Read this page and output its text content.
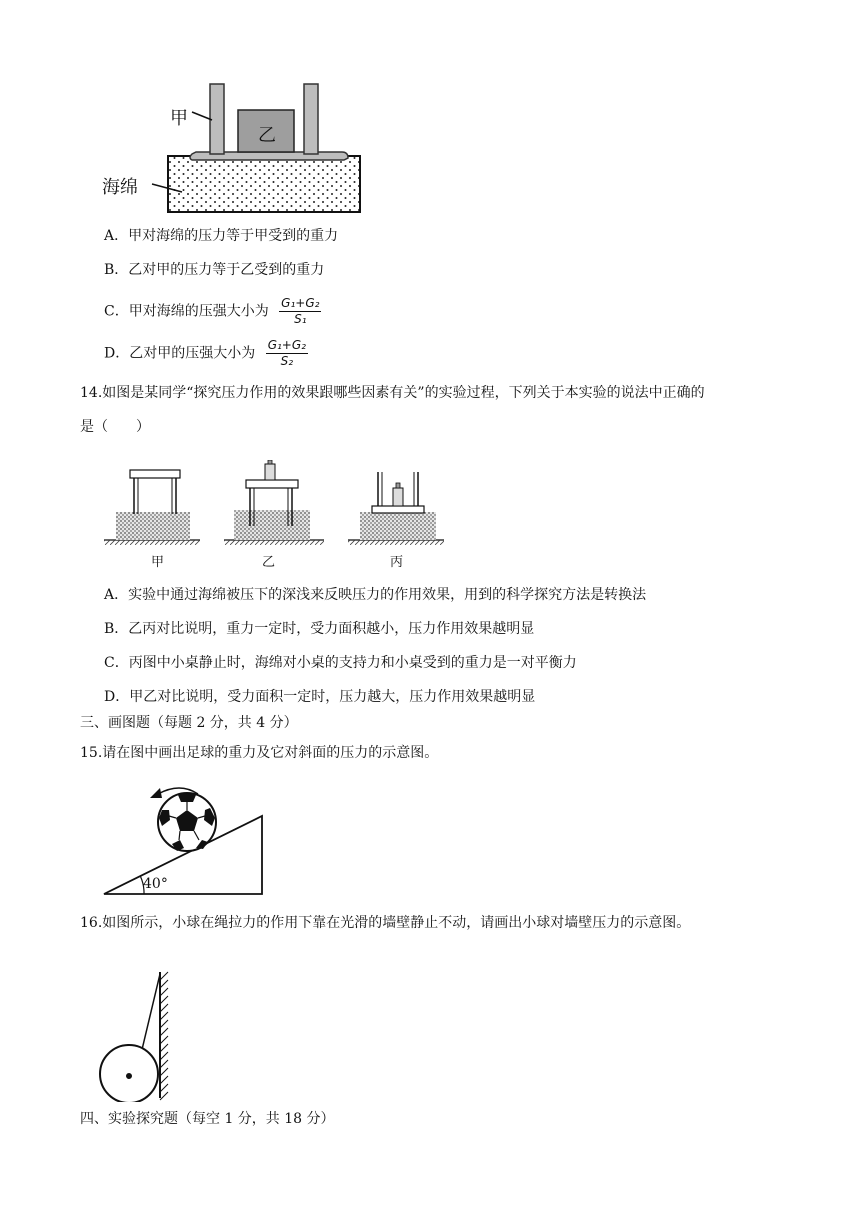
甲
乙
海绵
A．甲对海绵的压力等于甲受到的重力
B．乙对甲的压力等于乙受到的重力
C．甲对海绵的压强大小为 $\frac{\text{G₁+G₂}}{\text{S₁}}$
D．乙对甲的压强大小为 $\frac{\text{G₁+G₂}}{\text{S₂}}$
14.如图是某同学“探究压力作用的效果跟哪些因素有关”的实验过程，下列关于本实验的说法中正确的
是（　　）
甲	乙	丙
A．实验中通过海绵被压下的深浅来反映压力的作用效果，用到的科学探究方法是转换法
B．乙丙对比说明，重力一定时，受力面积越小，压力作用效果越明显
C．丙图中小桌静止时，海绵对小桌的支持力和小桌受到的重力是一对平衡力
D．甲乙对比说明，受力面积一定时，压力越大，压力作用效果越明显
三、画图题（每题 2 分，共 4 分）
15.请在图中画出足球的重力及它对斜面的压力的示意图。
40°
16.如图所示，小球在绳拉力的作用下靠在光滑的墙壁静止不动，请画出小球对墙壁压力的示意图。
四、实验探究题（每空 1 分，共 18 分）
